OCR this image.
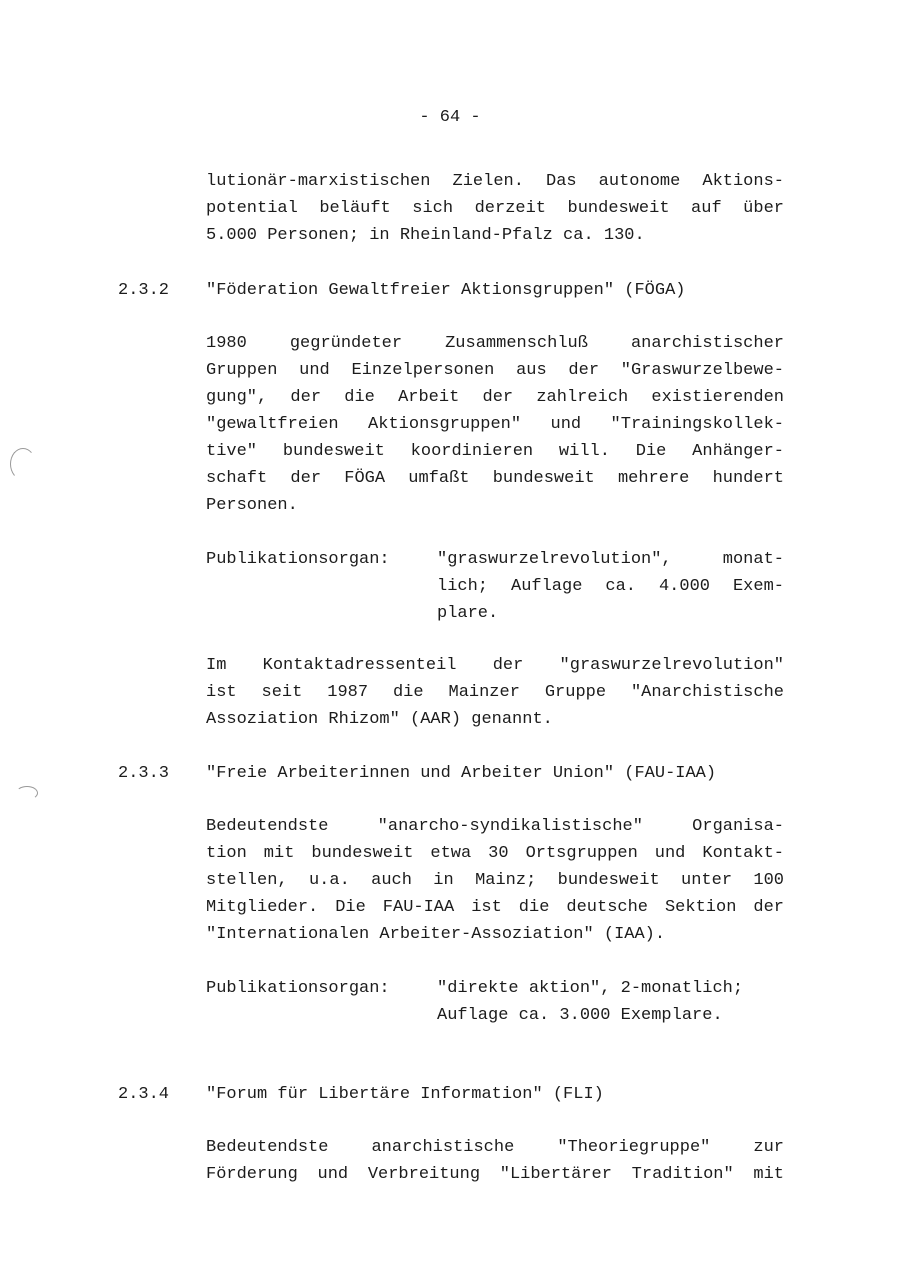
- 64 -
lutionär-marxistischen Zielen. Das autonome Aktions-
potential beläuft sich derzeit bundesweit auf über
5.000 Personen; in Rheinland-Pfalz ca. 130.
2.3.2 "Föderation Gewaltfreier Aktionsgruppen" (FÖGA)
1980 gegründeter Zusammenschluß anarchistischer
Gruppen und Einzelpersonen aus der "Graswurzelbewe-
gung", der die Arbeit der zahlreich existierenden
"gewaltfreien Aktionsgruppen" und "Trainingskollek-
tive" bundesweit koordinieren will. Die Anhänger-
schaft der FÖGA umfaßt bundesweit mehrere hundert
Personen.
Publikationsorgan:	"graswurzelrevolution", monat-
lich; Auflage ca. 4.000 Exem-
plare.
Im Kontaktadressenteil der "graswurzelrevolution"
ist seit 1987 die Mainzer Gruppe "Anarchistische
Assoziation Rhizom" (AAR) genannt.
2.3.3 "Freie Arbeiterinnen und Arbeiter Union" (FAU-IAA)
Bedeutendste "anarcho-syndikalistische" Organisa-
tion mit bundesweit etwa 30 Ortsgruppen und Kontakt-
stellen, u.a. auch in Mainz; bundesweit unter 100
Mitglieder. Die FAU-IAA ist die deutsche Sektion der
"Internationalen Arbeiter-Assoziation" (IAA).
Publikationsorgan:	"direkte aktion", 2-monatlich;
Auflage ca. 3.000 Exemplare.
2.3.4 "Forum für Libertäre Information" (FLI)
Bedeutendste anarchistische "Theoriegruppe" zur
Förderung und Verbreitung "Libertärer Tradition" mit
